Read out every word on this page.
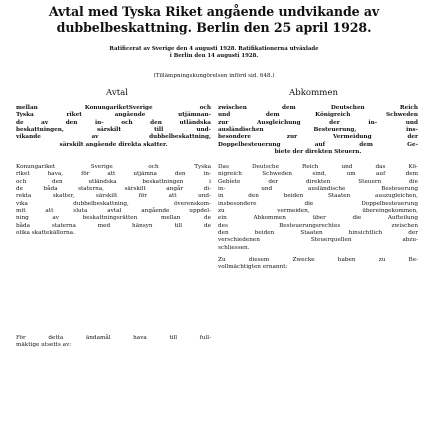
Avtal med Tyska Riket angående undvikande av
dubbelbeskattning. Berlin den 25 april 1928.
Ratificerat av Sverige den 4 augusti 1928. Ratifikationerna utväxlade
i Berlin den 14 augusti 1928.
(Tillämpningskungörelsen införd sid. 648.)
Avtal	Abkommen
mellan KonungariketSverige och
Tyska riket angående utjämnan-
de av den in- och den utländska
beskattningen, särskilt till und-
vikande av dubbelbeskattning,
särskilt angående direkta skatter.
Konungariket Sverige och Tyska
riket hava, för att utjämna den in-
och den utländska beskattningen i
de båda staterna, särskilt angår di-
rekta skatter, särskilt för att und-
vika dubbelbeskattning, överenskom-
mit att sluta avtal angående uppdel-
ning av beskattningsrätten mellan de
båda staterna med hänsyn till de
olika skattekällorna.
För detta ändamål hava till full-
mäktige utsetts av:
zwischen dem Deutschen Reich
und dem Königreich Schweden
zur Ausgleichung der in- und
ausländischen Besteuerung, ins-
besondere zur Vermeidung der
Doppelbesteuerung auf dem Ge-
biete der direkten Steuern.
Das Deutsche Reich und das Kö-
nigreich Schweden sind, um auf dem
Gebiete der direkten Steuern die
in- und ausländische Besteuerung
in den beiden Staaten auszugleichen,
insbesondere die Doppelbesteuerung
zu vermeiden, übereingekommen,
ein Abkommen über die Aufteilung
des Besteuerungsrechtes zwischen
den beiden Staaten hinsichtlich der
verschiedenen Steuerquellen abzu-
schliessen.
Zu diesem Zwecke haben zu Be-
vollmächtigten ernannt:
